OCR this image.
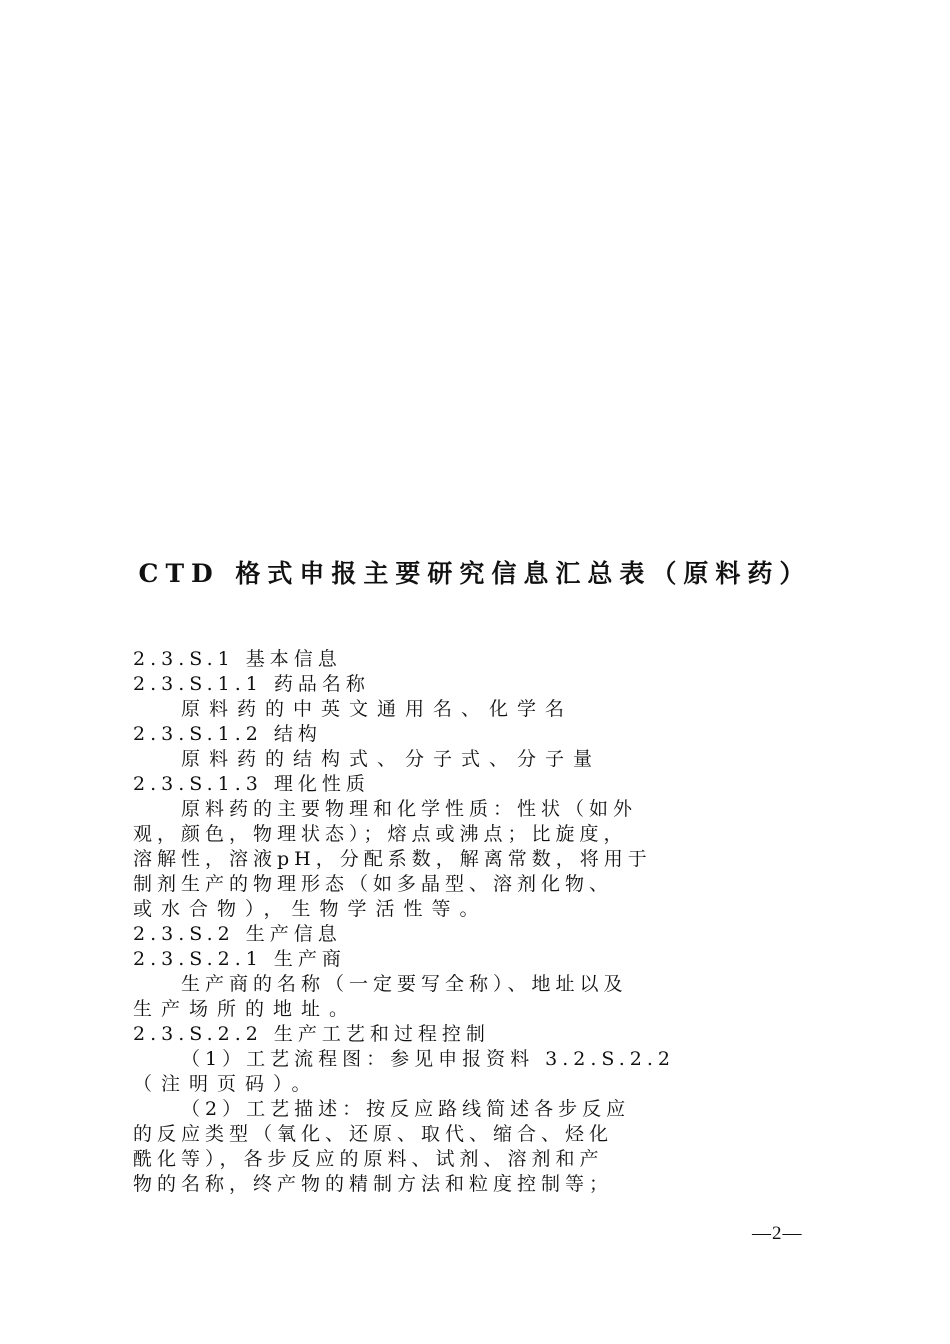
CTD 格式申报主要研究信息汇总表（原料药）
2.3.S.1 基本信息
2.3.S.1.1 药品名称
原料药的中英文通用名、化学名
2.3.S.1.2 结构
原料药的结构式、分子式、分子量
2.3.S.1.3 理化性质
原料药的主要物理和化学性质：性状（如外
观，颜色，物理状态）；熔点或沸点；比旋度，
溶解性，溶液pH，分配系数，解离常数，将用于
制剂生产的物理形态（如多晶型、溶剂化物、
或水合物），生物学活性等。
2.3.S.2 生产信息
2.3.S.2.1 生产商
生产商的名称（一定要写全称）、地址以及
生产场所的地址。
2.3.S.2.2 生产工艺和过程控制
（1）工艺流程图：参见申报资料 3.2.S.2.2
（注明页码）。
（2）工艺描述：按反应路线简述各步反应
的反应类型（氧化、还原、取代、缩合、烃化
酰化等），各步反应的原料、试剂、溶剂和产
物的名称，终产物的精制方法和粒度控制等；
—2—
